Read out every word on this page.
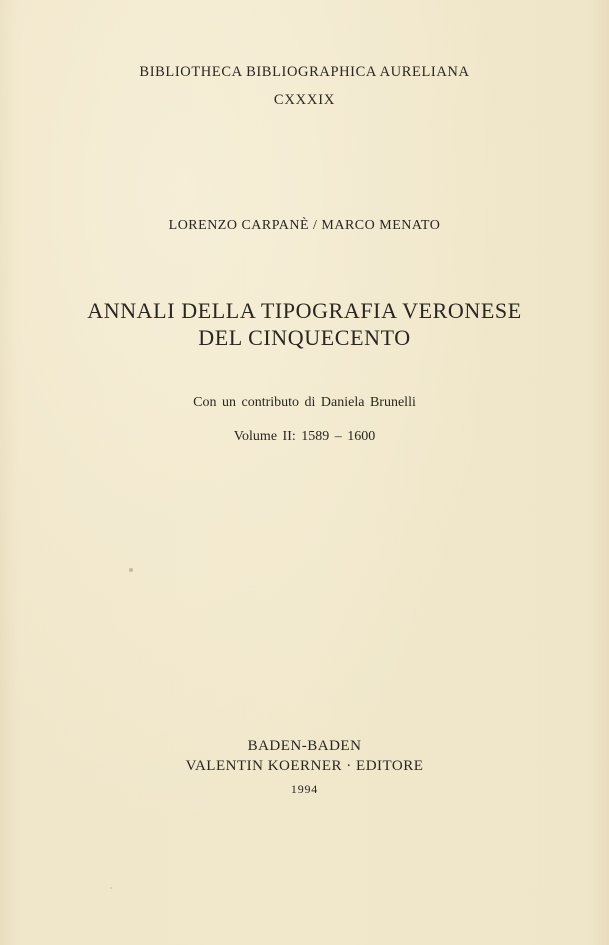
BIBLIOTHECA BIBLIOGRAPHICA AURELIANA
CXXXIX
LORENZO CARPANÈ / MARCO MENATO
ANNALI DELLA TIPOGRAFIA VERONESE
DEL CINQUECENTO
Con un contributo di Daniela Brunelli
Volume II: 1589 – 1600
BADEN-BADEN
VALENTIN KOERNER · EDITORE
1994
